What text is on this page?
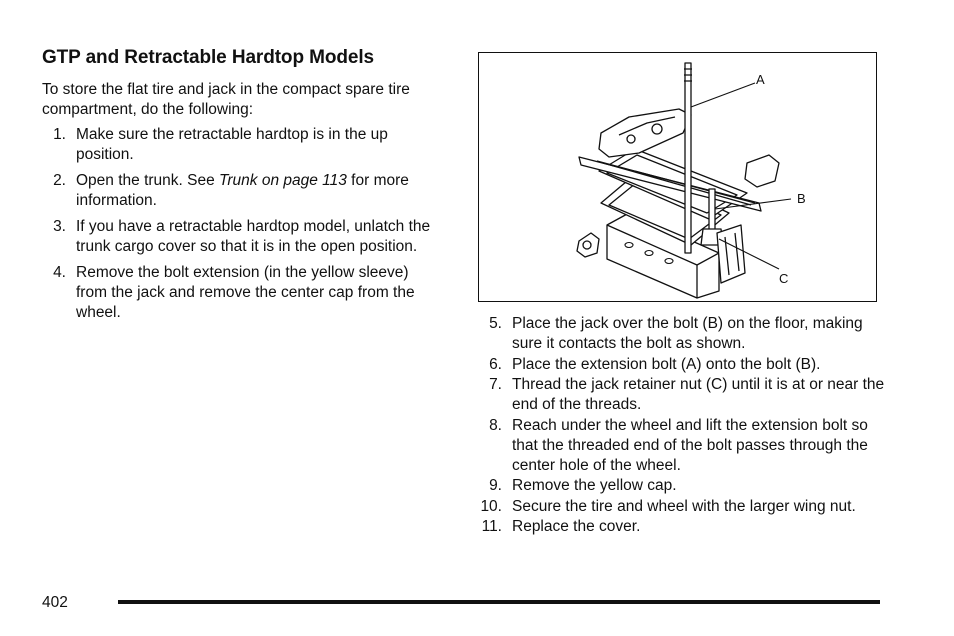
GTP and Retractable Hardtop Models

To store the flat tire and jack in the compact spare tire compartment, do the following:

1. Make sure the retractable hardtop is in the up position.
2. Open the trunk. See Trunk on page 113 for more information.
3. If you have a retractable hardtop model, unlatch the trunk cargo cover so that it is in the open position.
4. Remove the bolt extension (in the yellow sleeve) from the jack and remove the center cap from the wheel.
A
B
C
5. Place the jack over the bolt (B) on the floor, making sure it contacts the bolt as shown.
6. Place the extension bolt (A) onto the bolt (B).
7. Thread the jack retainer nut (C) until it is at or near the end of the threads.
8. Reach under the wheel and lift the extension bolt so that the threaded end of the bolt passes through the center hole of the wheel.
9. Remove the yellow cap.
10. Secure the tire and wheel with the larger wing nut.
11. Replace the cover.
402
